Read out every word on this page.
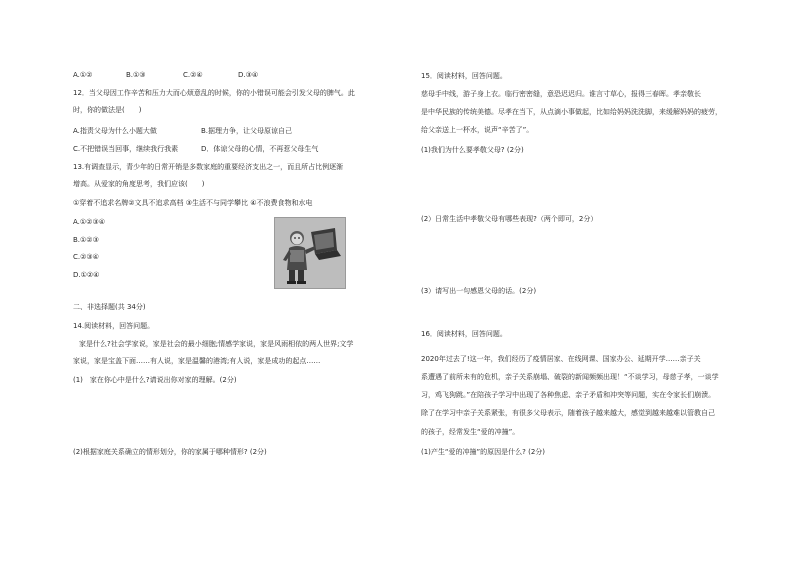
A.①②	B.①③	C.②④	D.③④
12．当父母因工作辛苦和压力大而心烦意乱的时候，你的小错误可能会引发父母的脾气。此
时，你的做法是(　　)
A.指责父母为什么小题大做	B.据理力争，让父母原谅自己
C.不把错误当回事，继续我行我素	D．体谅父母的心情，不再惹父母生气
13.有调查显示，青少年的日常开销是多数家庭的重要经济支出之一，而且所占比例逐渐
增高。从爱家的角度思考，我们应该(　　)
①穿着不追求名牌②文具不追求高档 ③生活不与同学攀比 ④不浪费食物和水电
A.①②③④
B.①②③
C.②③④
D.①②④
二、非选择题(共 34分)
14.阅读材料，回答问题。
家是什么?社会学家说，家是社会的最小细胞;情感学家说，家是风雨相依的两人世界;文学
家说，家是宝盖下面……有人说，家是温馨的港湾;有人说，家是成功的起点……
(1)　家在你心中是什么?请说出你对家的理解。(2分)
(2)根据家庭关系确立的情形划分，你的家属于哪种情形? (2分)
15．阅读材料，回答问题。
慈母手中线，游子身上衣。临行密密缝，意恐迟迟归。谁言寸草心，报得三春晖。孝亲敬长
是中华民族的传统美德。尽孝在当下，从点滴小事做起，比如给妈妈洗洗脚，来缓解妈妈的疲劳，
给父亲送上一杯水，说声“辛苦了”。
(1)我们为什么要孝敬父母? (2分)
(2）日常生活中孝敬父母有哪些表现?（两个即可，2分）
(3）请写出一句感恩父母的话。(2分)
16．阅读材料，回答问题。
2020年过去了!这一年，我们经历了疫情居家、在线网课、国家办公、延期开学……亲子关
系遭遇了前所未有的危机，亲子关系崩塌、破裂的新闻频频出现！“不谈学习，母慈子孝，一谈学
习，鸡飞狗跳。”在陪孩子学习中出现了各种焦虑、亲子矛盾和冲突等问题，实在令家长们崩溃。
除了在学习中亲子关系紧张，有很多父母表示，随着孩子越来越大，感觉到越来越难以管教自己
的孩子，经常发生“爱的冲撞”。
(1)产生“爱的冲撞”的原因是什么? (2分)
